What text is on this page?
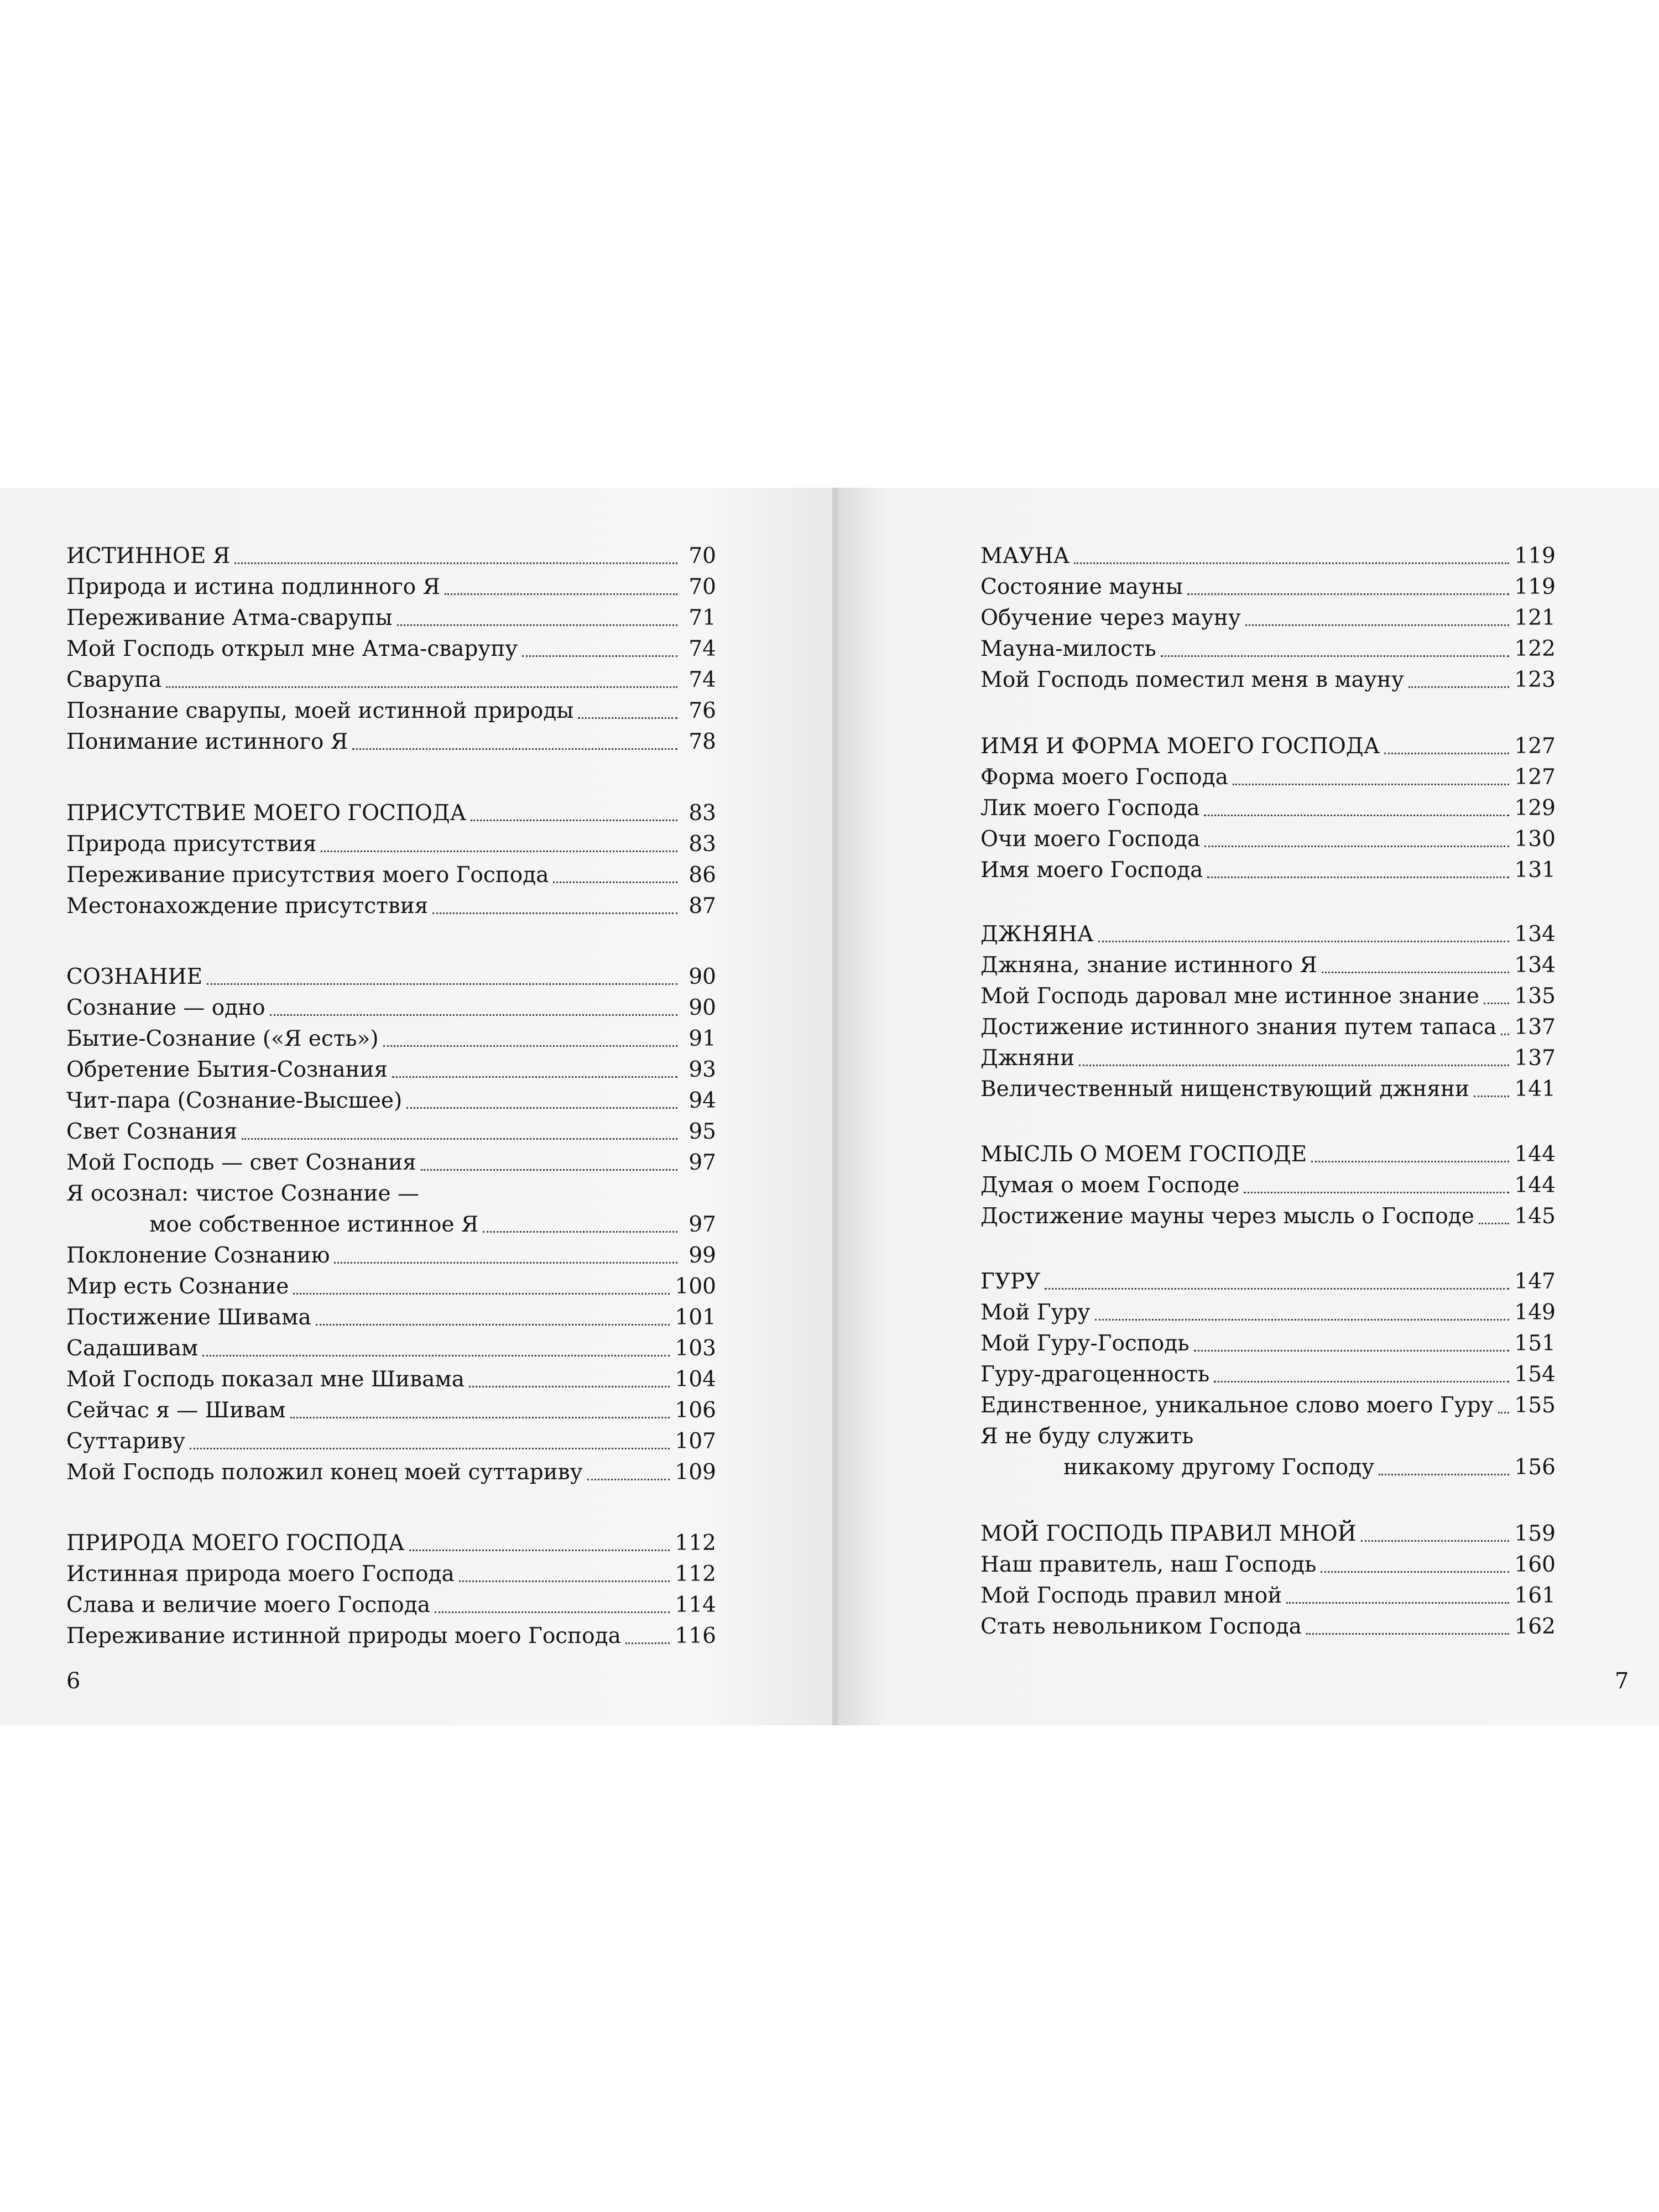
ИСТИННОЕ Я	70
Природа и истина подлинного Я	70
Переживание Атма-сварупы	71
Мой Господь открыл мне Атма-сварупу	74
Сварупа	74
Познание сварупы, моей истинной природы	76
Понимание истинного Я	78
ПРИСУТСТВИЕ МОЕГО ГОСПОДА	83
Природа присутствия	83
Переживание присутствия моего Господа	86
Местонахождение присутствия	87
СОЗНАНИЕ	90
Сознание — одно	90
Бытие-Сознание («Я есть»)	91
Обретение Бытия-Сознания	93
Чит-пара (Сознание-Высшее)	94
Свет Сознания	95
Мой Господь — свет Сознания	97
Я осознал: чистое Сознание —
мое собственное истинное Я	97
Поклонение Сознанию	99
Мир есть Сознание	100
Постижение Шивама	101
Садашивам	103
Мой Господь показал мне Шивама	104
Сейчас я — Шивам	106
Суттариву	107
Мой Господь положил конец моей суттариву	109
ПРИРОДА МОЕГО ГОСПОДА	112
Истинная природа моего Господа	112
Слава и величие моего Господа	114
Переживание истинной природы моего Господа	116
6
МАУНА	119
Состояние мауны	119
Обучение через мауну	121
Мауна-милость	122
Мой Господь поместил меня в мауну	123
ИМЯ И ФОРМА МОЕГО ГОСПОДА	127
Форма моего Господа	127
Лик моего Господа	129
Очи моего Господа	130
Имя моего Господа	131
ДЖНЯНА	134
Джняна, знание истинного Я	134
Мой Господь даровал мне истинное знание 135
Достижение истинного знания путем тапаса 137
Джняни	137
Величественный нищенствующий джняни 141
МЫСЛЬ О МОЕМ ГОСПОДЕ	144
Думая о моем Господе	144
Достижение мауны через мысль о Господе 145
ГУРУ	147
Мой Гуру	149
Мой Гуру-Господь	151
Гуру-драгоценность	154
Единственное, уникальное слово моего Гуру 155
Я не буду служить
никакому другому Господу	156
МОЙ ГОСПОДЬ ПРАВИЛ МНОЙ	159
Наш правитель, наш Господь	160
Мой Господь правил мной	161
Стать невольником Господа	162
7
